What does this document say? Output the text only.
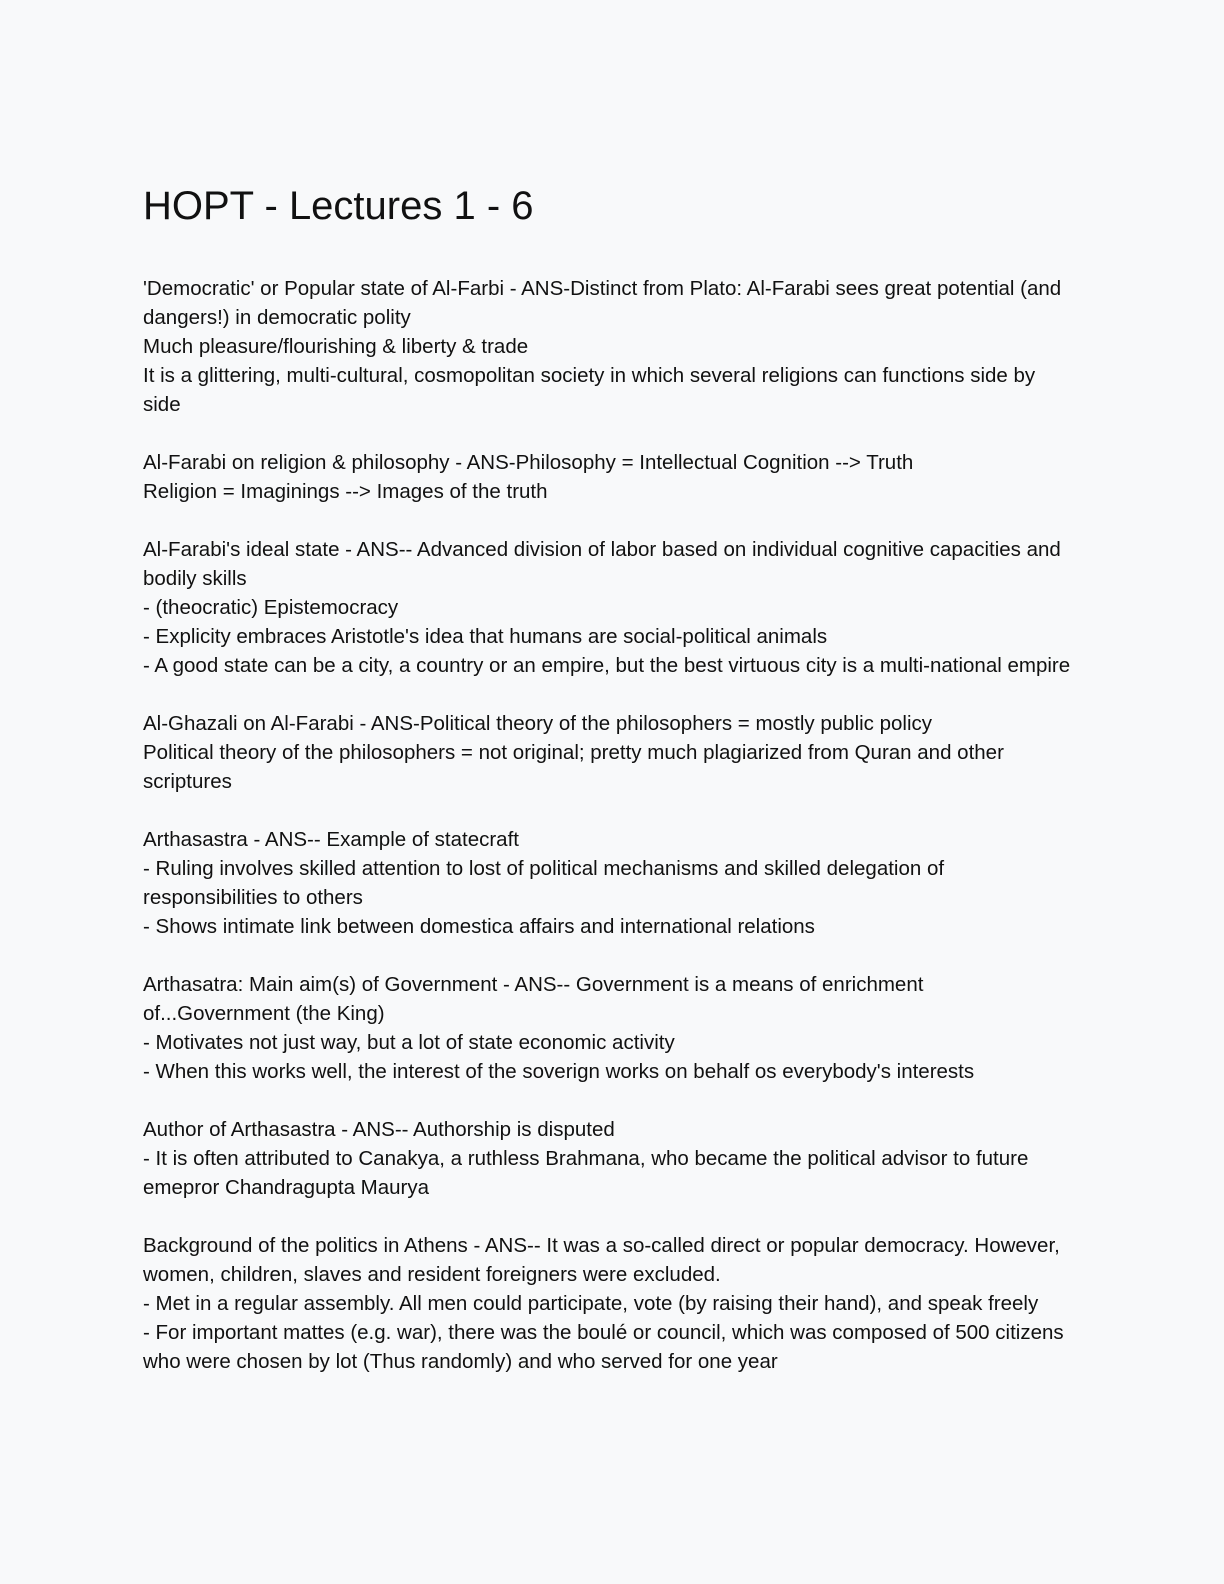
HOPT - Lectures 1 - 6
'Democratic' or Popular state of Al-Farbi - ANS-Distinct from Plato: Al-Farabi sees great potential (and dangers!) in democratic polity
Much pleasure/flourishing & liberty & trade
It is a glittering, multi-cultural, cosmopolitan society in which several religions can functions side by side
Al-Farabi on religion & philosophy - ANS-Philosophy = Intellectual Cognition --> Truth
Religion = Imaginings --> Images of the truth
Al-Farabi's ideal state - ANS-- Advanced division of labor based on individual cognitive capacities and bodily skills
- (theocratic) Epistemocracy
- Explicity embraces Aristotle's idea that humans are social-political animals
- A good state can be a city, a country or an empire, but the best virtuous city is a multi-national empire
Al-Ghazali on Al-Farabi - ANS-Political theory of the philosophers = mostly public policy
Political theory of the philosophers = not original; pretty much plagiarized from Quran and other scriptures
Arthasastra - ANS-- Example of statecraft
- Ruling involves skilled attention to lost of political mechanisms and skilled delegation of responsibilities to others
- Shows intimate link between domestica affairs and international relations
Arthasatra: Main aim(s) of Government - ANS-- Government is a means of enrichment of...Government (the King)
- Motivates not just way, but a lot of state economic activity
- When this works well, the interest of the soverign works on behalf os everybody's interests
Author of Arthasastra - ANS-- Authorship is disputed
- It is often attributed to Canakya, a ruthless Brahmana, who became the political advisor to future emepror Chandragupta Maurya
Background of the politics in Athens - ANS-- It was a so-called direct or popular democracy. However, women, children, slaves and resident foreigners were excluded.
- Met in a regular assembly. All men could participate, vote (by raising their hand), and speak freely
- For important mattes (e.g. war), there was the boulé or council, which was composed of 500 citizens who were chosen by lot (Thus randomly) and who served for one year
